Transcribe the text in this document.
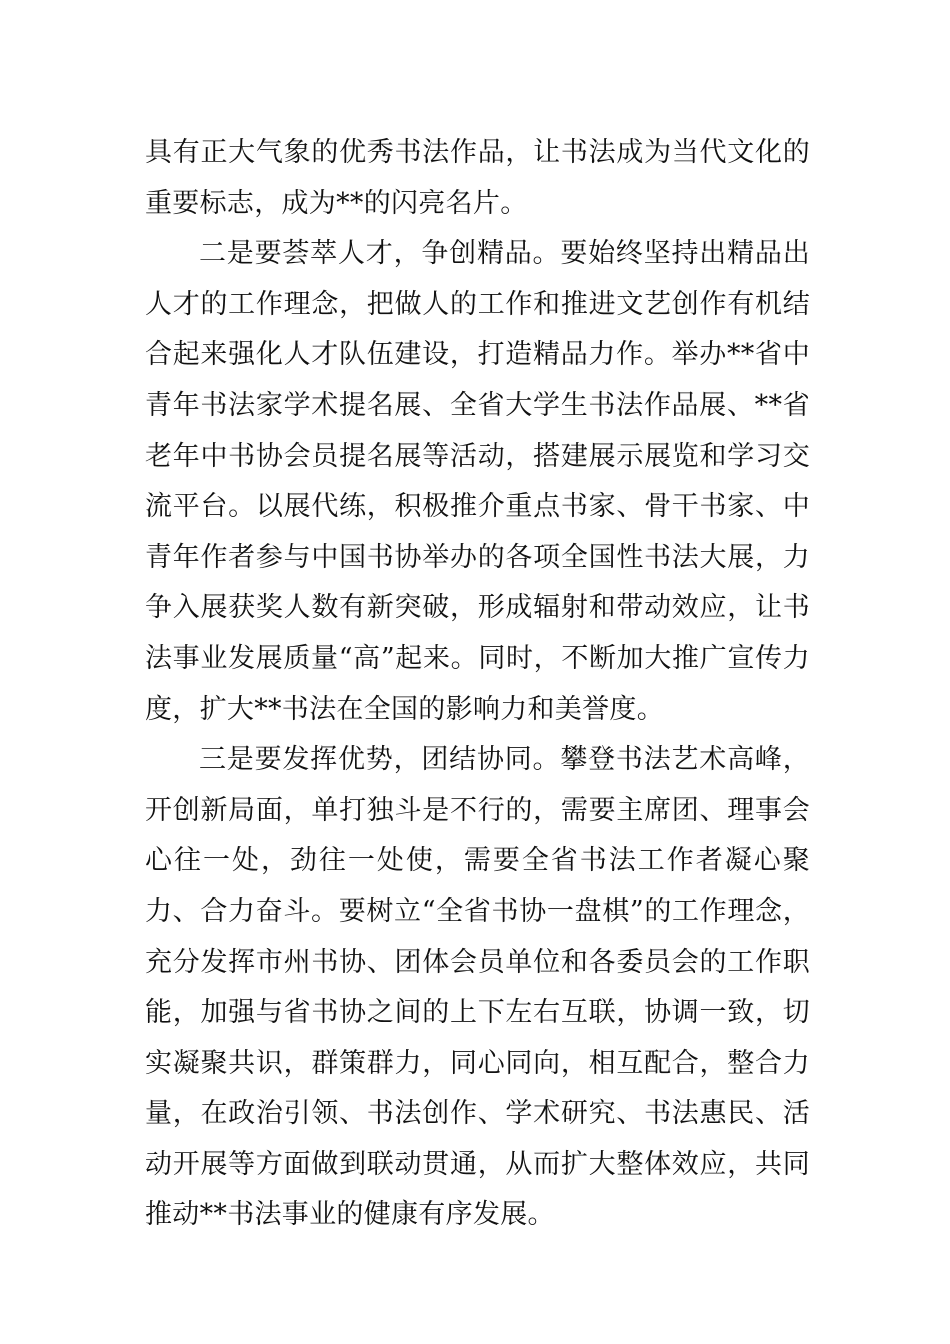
具有正大气象的优秀书法作品，让书法成为当代文化的重要标志，成为**的闪亮名片。

二是要荟萃人才，争创精品。要始终坚持出精品出人才的工作理念，把做人的工作和推进文艺创作有机结合起来强化人才队伍建设，打造精品力作。举办**省中青年书法家学术提名展、全省大学生书法作品展、**省老年中书协会员提名展等活动，搭建展示展览和学习交流平台。以展代练，积极推介重点书家、骨干书家、中青年作者参与中国书协举办的各项全国性书法大展，力争入展获奖人数有新突破，形成辐射和带动效应，让书法事业发展质量“高”起来。同时，不断加大推广宣传力度，扩大**书法在全国的影响力和美誉度。

三是要发挥优势，团结协同。攀登书法艺术高峰，开创新局面，单打独斗是不行的，需要主席团、理事会心往一处，劲往一处使，需要全省书法工作者凝心聚力、合力奋斗。要树立“全省书协一盘棋”的工作理念，充分发挥市州书协、团体会员单位和各委员会的工作职能，加强与省书协之间的上下左右互联，协调一致，切实凝聚共识，群策群力，同心同向，相互配合，整合力量，在政治引领、书法创作、学术研究、书法惠民、活动开展等方面做到联动贯通，从而扩大整体效应，共同推动**书法事业的健康有序发展。
